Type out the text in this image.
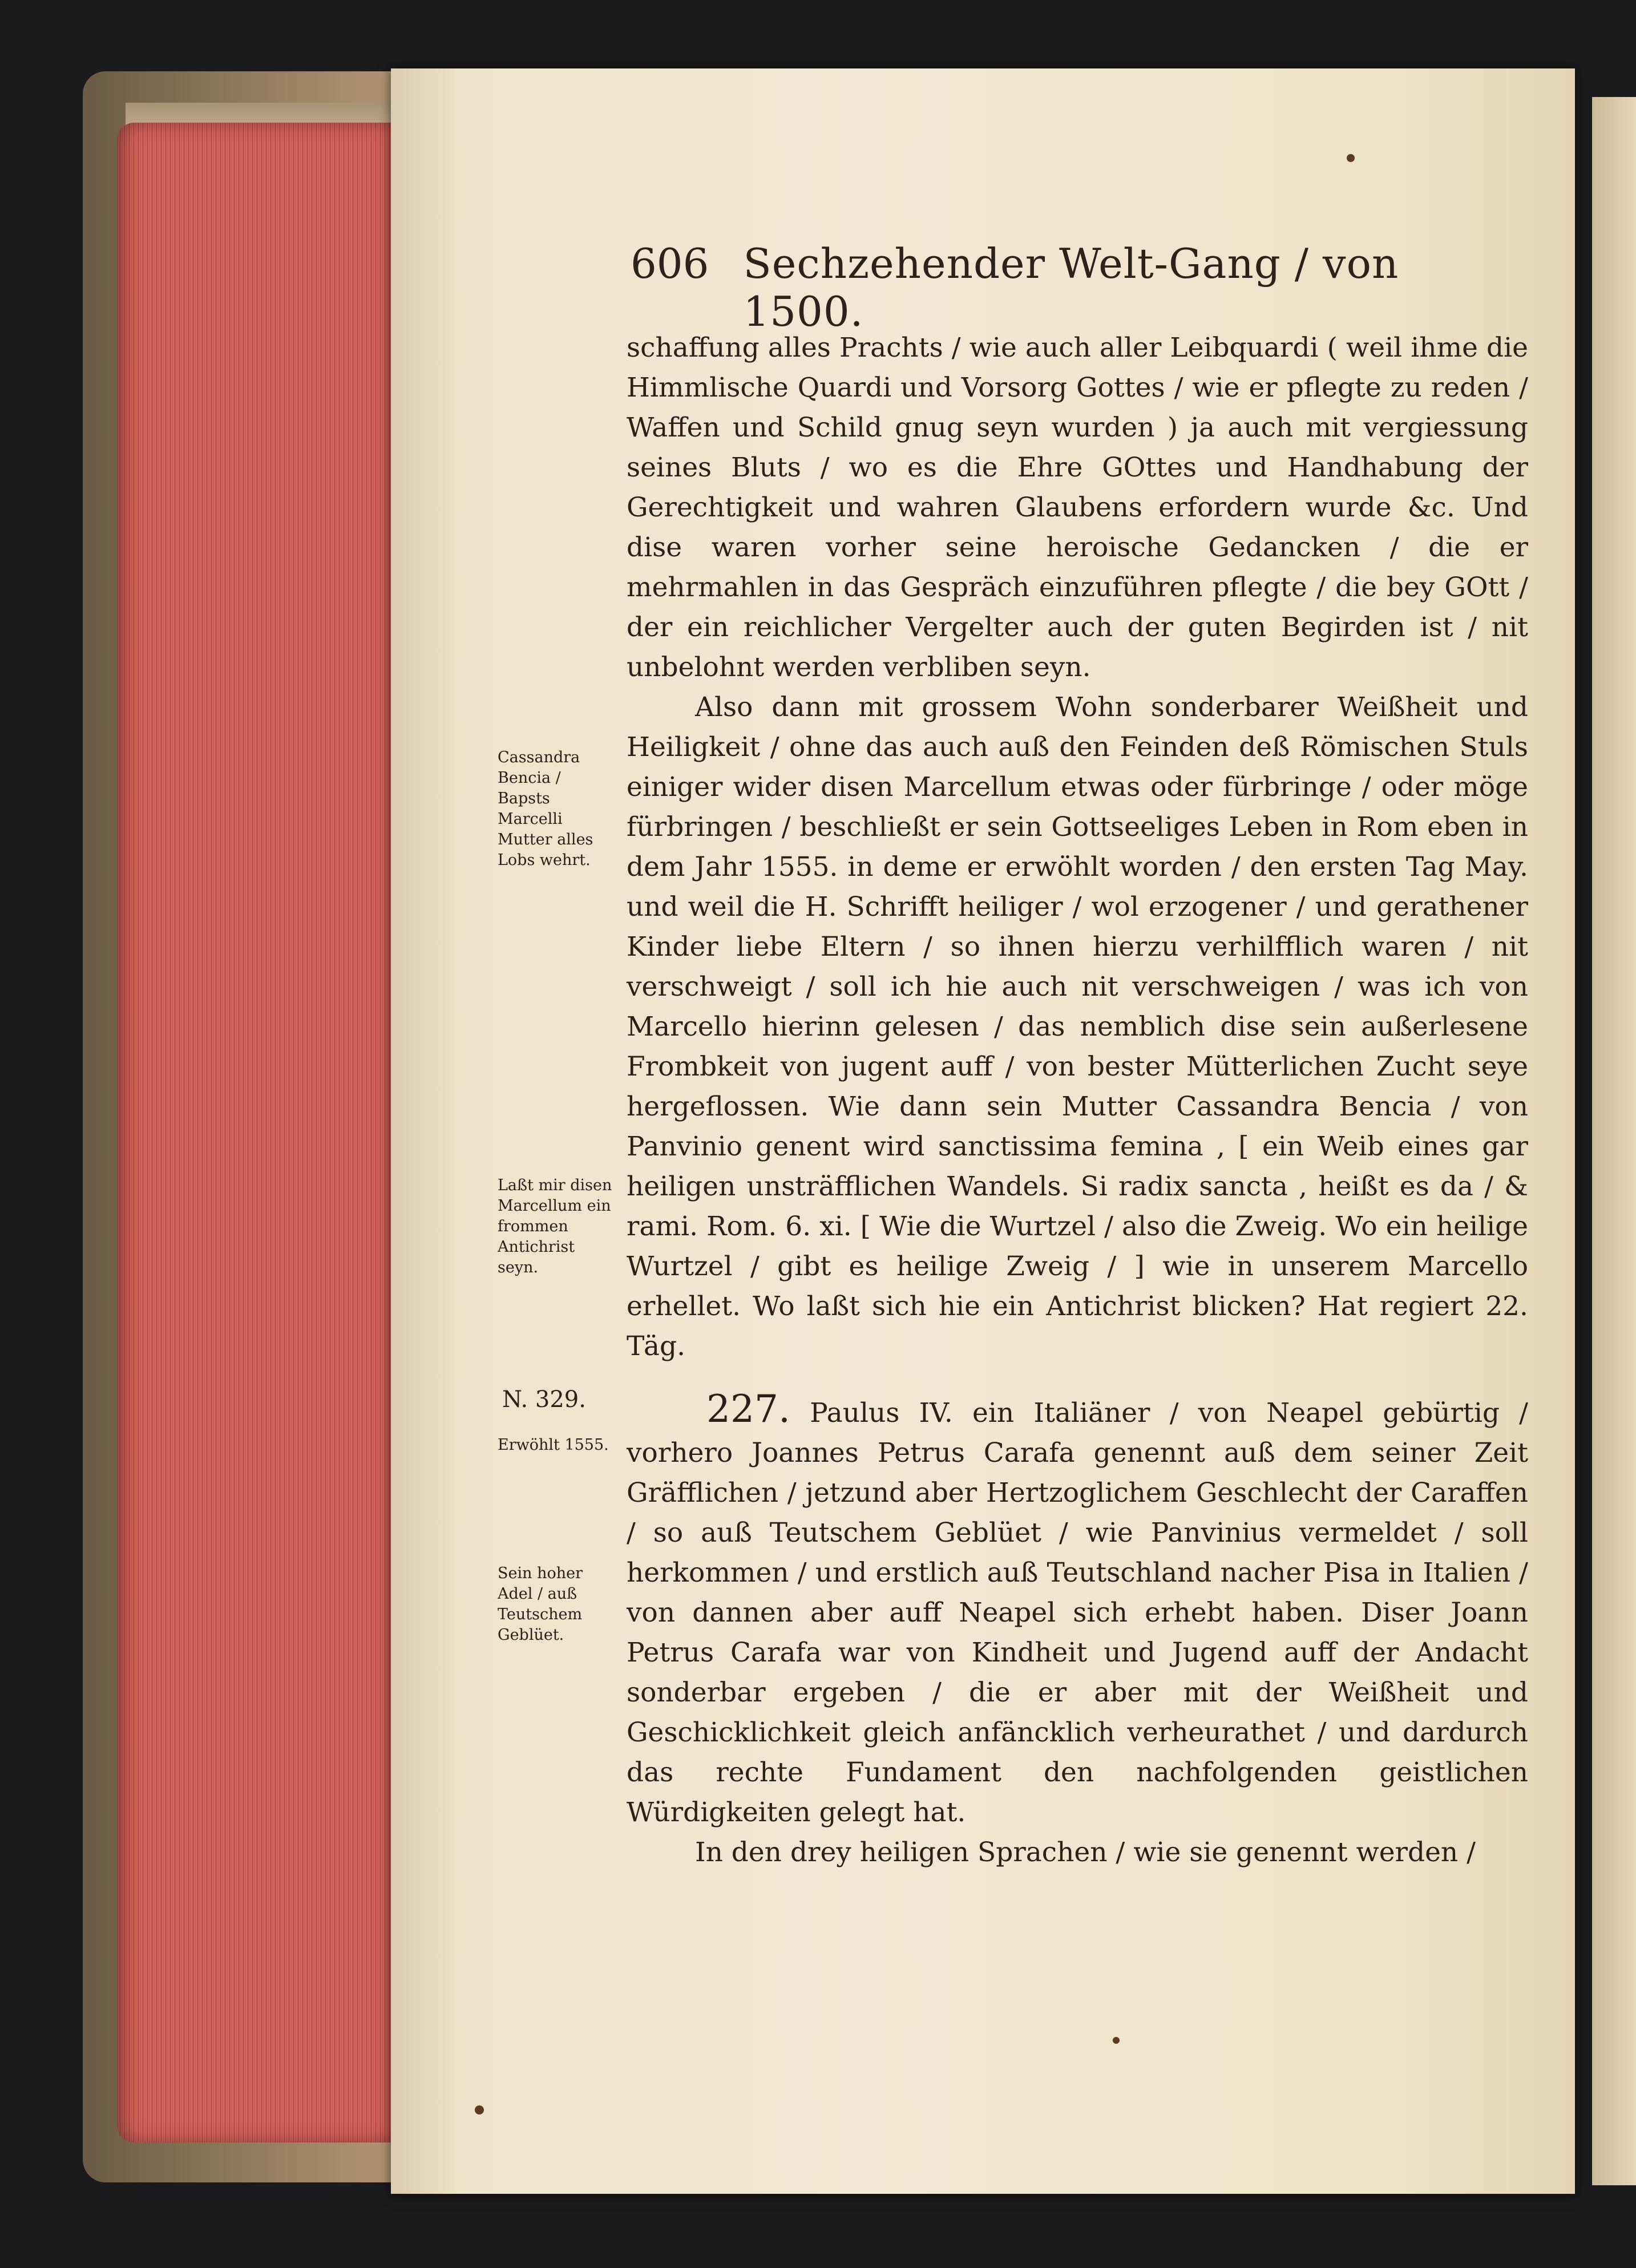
606 Sechzehender Welt-Gang / von 1500.

schaffung alles Prachts / wie auch aller Leibquardi ( weil ihme die Himmlische Quardi und Vorsorg Gottes / wie er pflegte zu reden / Waffen und Schild gnug seyn wurden ) ja auch mit vergiessung seines Bluts / wo es die Ehre GOttes und Handhabung der Gerechtigkeit und wahren Glaubens erfordern wurde &c. Und dise waren vorher seine heroische Gedancken / die er mehrmahlen in das Gespräch einzuführen pflegte / die bey GOtt / der ein reichlicher Vergelter auch der guten Begirden ist / nit unbelohnt werden verbliben seyn.

Also dann mit grossem Wohn sonderbarer Weißheit und Heiligkeit / ohne das auch auß den Feinden deß Römischen Stuls einiger wider disen Marcellum etwas oder fürbringe / oder möge fürbringen / beschließt er sein Gottseeliges Leben in Rom eben in dem Jahr 1555. in deme er erwöhlt worden / den ersten Tag May. und weil die H. Schrifft heiliger / wol erzogener / und gerathener Kinder liebe Eltern / so ihnen hierzu verhilfflich waren / nit verschweigt / soll ich hie auch nit verschweigen / was ich von Marcello hierinn gelesen / das nemblich dise sein außerlesene Frombkeit von jugent auff / von bester Mütterlichen Zucht seye hergeflossen. Wie dann sein Mutter Cassandra Bencia / von Panvinio genent wird sanctissima femina , [ ein Weib eines gar heiligen unsträfflichen Wandels. Si radix sancta , heißt es da / & rami. Rom. 6. xi. [ Wie die Wurtzel / also die Zweig. Wo ein heilige Wurtzel / gibt es heilige Zweig / ] wie in unserem Marcello erhellet. Wo laßt sich hie ein Antichrist blicken? Hat regiert 22. Täg.

227. Paulus IV. ein Italiäner / von Neapel gebürtig / vorhero Joannes Petrus Carafa genennt auß dem seiner Zeit Gräfflichen / jetzund aber Hertzoglichem Geschlecht der Caraffen / so auß Teutschem Geblüet / wie Panvinius vermeldet / soll herkommen / und erstlich auß Teutschland nacher Pisa in Italien / von dannen aber auff Neapel sich erhebt haben. Diser Joann Petrus Carafa war von Kindheit und Jugend auff der Andacht sonderbar ergeben / die er aber mit der Weißheit und Geschicklichkeit gleich anfäncklich verheurathet / und dardurch das rechte Fundament den nachfolgenden geistlichen Würdigkeiten gelegt hat.

In den drey heiligen Sprachen / wie sie genennt werden /

Cassandra Bencia / Bapsts Marcelli Mutter alles Lobs wehrt.
Laßt mir disen Marcellum ein frommen Antichrist seyn.
N. 329.
Erwöhlt 1555.
Sein hoher Adel / auß Teutschem Geblüet.
